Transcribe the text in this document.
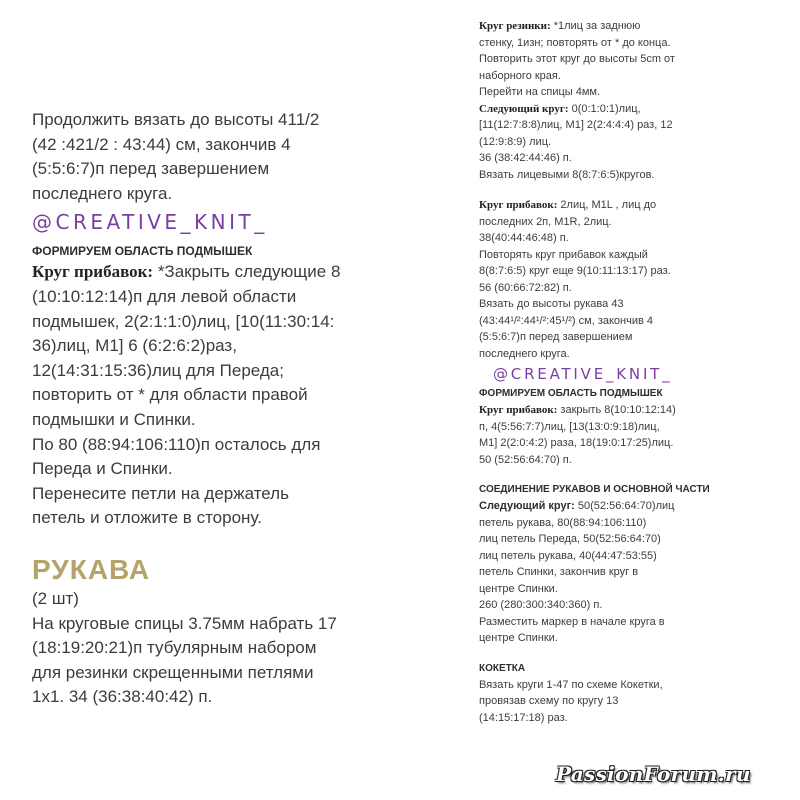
Продолжить вязать до высоты 411/2
(42 :421/2 : 43:44) см, закончив 4
(5:5:6:7)п перед завершением
последнего круга.

@CREATIVE_KNIT_

ФОРМИРУЕМ ОБЛАСТЬ ПОДМЫШЕК

Круг прибавок: *Закрыть следующие 8
(10:10:12:14)п для левой области
подмышек, 2(2:1:1:0)лиц, [10(11:30:14:
36)лиц, М1] 6 (6:2:6:2)раз,
12(14:31:15:36)лиц для Переда;
повторить от * для области правой
подмышки и Спинки.
По 80 (88:94:106:110)п осталось для
Переда и Спинки.
Перенесите петли на держатель
петель и отложите в сторону.

РУКАВА

(2 шт)

На круговые спицы 3.75мм набрать 17
(18:19:20:21)п тубулярным набором
для резинки скрещенными петлями
1x1. 34 (36:38:40:42) п.

Круг резинки: *1лиц за заднюю
стенку, 1изн; повторять от * до конца.

Повторить этот круг до высоты 5cm от
наборного края.

Перейти на спицы 4мм.

Следующий круг: 0(0:1:0:1)лиц,
[11(12:7:8:8)лиц, М1] 2(2:4:4:4) раз, 12
(12:9:8:9) лиц.

36 (38:42:44:46) п.

Вязать лицевыми 8(8:7:6:5)кругов.

Круг прибавок: 2лиц, M1L , лиц до
последних 2п, M1R, 2лиц.
38(40:44:46:48) п.

Повторять круг прибавок каждый
8(8:7:6:5) круг еще 9(10:11:13:17) раз.
56 (60:66:72:82) п.

Вязать до высоты рукава 43
(43:44¹/²:44¹/²:45¹/²) см, закончив 4
(5:5:6:7)п перед завершением
последнего круга.

@CREATIVE_KNIT_

ФОРМИРУЕМ ОБЛАСТЬ ПОДМЫШЕК

Круг прибавок: закрыть 8(10:10:12:14)
п, 4(5:56:7:7)лиц, [13(13:0:9:18)лиц,
M1] 2(2:0:4:2) раза, 18(19:0:17:25)лиц.
50 (52:56:64:70) п.

СОЕДИНЕНИЕ РУКАВОВ И ОСНОВНОЙ ЧАСТИ

Следующий круг: 50(52:56:64:70)лиц
петель рукава, 80(88:94:106:110)
лиц петель Переда, 50(52:56:64:70)
лиц петель рукава, 40(44:47:53:55)
петель Спинки, закончив круг в
центре Спинки.
260 (280:300:340:360) п.
Разместить маркер в начале круга в
центре Спинки.

КОКЕТКА

Вязать круги 1-47 по схеме Кокетки,
провязав схему по кругу 13
(14:15:17:18) раз.

PassionForum.ru
